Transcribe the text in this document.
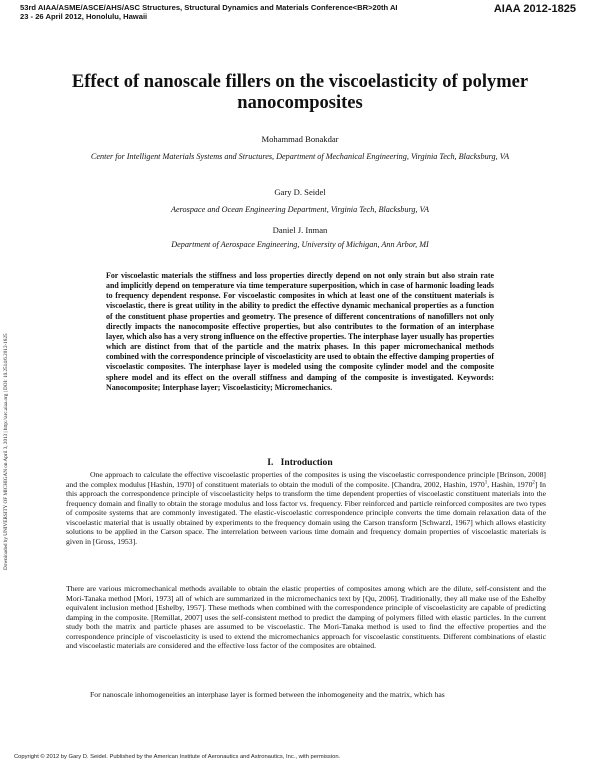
53rd AIAA/ASME/ASCE/AHS/ASC Structures, Structural Dynamics and Materials Conference<BR>20th AI
23 - 26 April 2012, Honolulu, Hawaii
AIAA 2012-1825
Downloaded by UNIVERSITY OF MICHIGAN on April 3, 2013 | http://arc.aiaa.org | DOI: 10.2514/6.2012-1825
Effect of nanoscale fillers on the viscoelasticity of polymer nanocomposites

Mohammad Bonakdar

Center for Intelligent Materials Systems and Structures, Department of Mechanical Engineering, Virginia Tech, Blacksburg, VA

Gary D. Seidel

Aerospace and Ocean Engineering Department, Virginia Tech, Blacksburg, VA

Daniel J. Inman

Department of Aerospace Engineering, University of Michigan, Ann Arbor, MI

For viscoelastic materials the stiffness and loss properties directly depend on not only strain but also strain rate and implicitly depend on temperature via time temperature superposition, which in case of harmonic loading leads to frequency dependent response. For viscoelastic composites in which at least one of the constituent materials is viscoelastic, there is great utility in the ability to predict the effective dynamic mechanical properties as a function of the constituent phase properties and geometry. The presence of different concentrations of nanofillers not only directly impacts the nanocomposite effective properties, but also contributes to the formation of an interphase layer, which also has a very strong influence on the effective properties. The interphase layer usually has properties which are distinct from that of the particle and the matrix phases. In this paper micromechanical methods combined with the correspondence principle of viscoelasticity are used to obtain the effective damping properties of viscoelastic composites. The interphase layer is modeled using the composite cylinder model and the composite sphere model and its effect on the overall stiffness and damping of the composite is investigated. Keywords: Nanocomposite; Interphase layer; Viscoelasticity; Micromechanics.

I. Introduction

One approach to calculate the effective viscoelastic properties of the composites is using the viscoelastic correspondence principle [Brinson, 2008] and the complex modulus [Hashin, 1970] of constituent materials to obtain the moduli of the composite. [Chandra, 2002, Hashin, 1970$^1$, Hashin, 1970$^2$] In this approach the correspondence principle of viscoelasticity helps to transform the time dependent properties of viscoelastic constituent materials into the frequency domain and finally to obtain the storage modulus and loss factor vs. frequency. Fiber reinforced and particle reinforced composites are two types of composite systems that are commonly investigated. The elastic-viscoelastic correspondence principle converts the time domain relaxation data of the viscoelastic material that is usually obtained by experiments to the frequency domain using the Carson transform [Schwarzl, 1967] which allows elasticity solutions to be applied in the Carson space. The interrelation between various time domain and frequency domain properties of viscoelastic materials is given in [Gross, 1953].

There are various micromechanical methods available to obtain the elastic properties of composites among which are the dilute, self-consistent and the Mori-Tanaka method [Mori, 1973] all of which are summarized in the micromechanics text by [Qu, 2006]. Traditionally, they all make use of the Eshelby equivalent inclusion method [Eshelby, 1957]. These methods when combined with the correspondence principle of viscoelasticity are capable of predicting damping in the composite. [Remillat, 2007] uses the self-consistent method to predict the damping of polymers filled with elastic particles. In the current study both the matrix and particle phases are assumed to be viscoelastic. The Mori-Tanaka method is used to find the effective properties and the correspondence principle of viscoelasticity is used to extend the micromechanics approach for viscoelastic constituents. Different combinations of elastic and viscoelastic materials are considered and the effective loss factor of the composites are obtained.

For nanoscale inhomogeneities an interphase layer is formed between the inhomogeneity and the matrix, which has

Copyright © 2012 by Gary D. Seidel. Published by the American Institute of Aeronautics and Astronautics, Inc., with permission.
